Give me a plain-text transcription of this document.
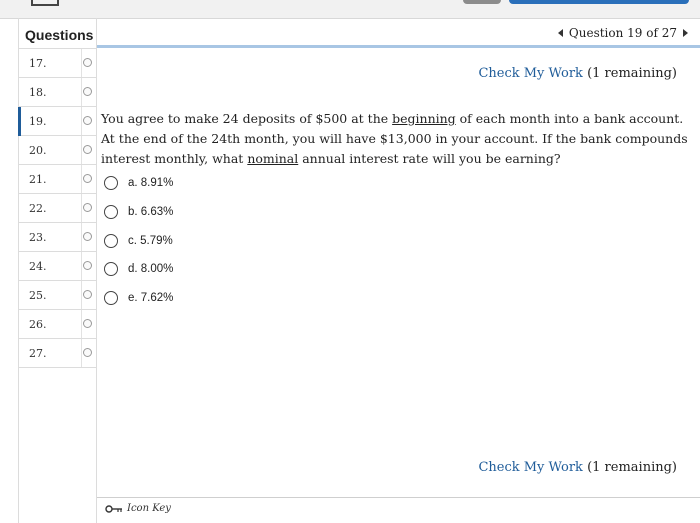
Questions
17.
18.
19.
20.
21.
22.
23.
24.
25.
26.
27.
Question 19 of 27
Check My Work (1 remaining)
You agree to make 24 deposits of $500 at the beginning of each month into a bank account. At the end of the 24th month, you will have $13,000 in your account. If the bank compounds interest monthly, what nominal annual interest rate will you be earning?
a. 8.91%
b. 6.63%
c. 5.79%
d. 8.00%
e. 7.62%
Check My Work (1 remaining)
Icon Key
